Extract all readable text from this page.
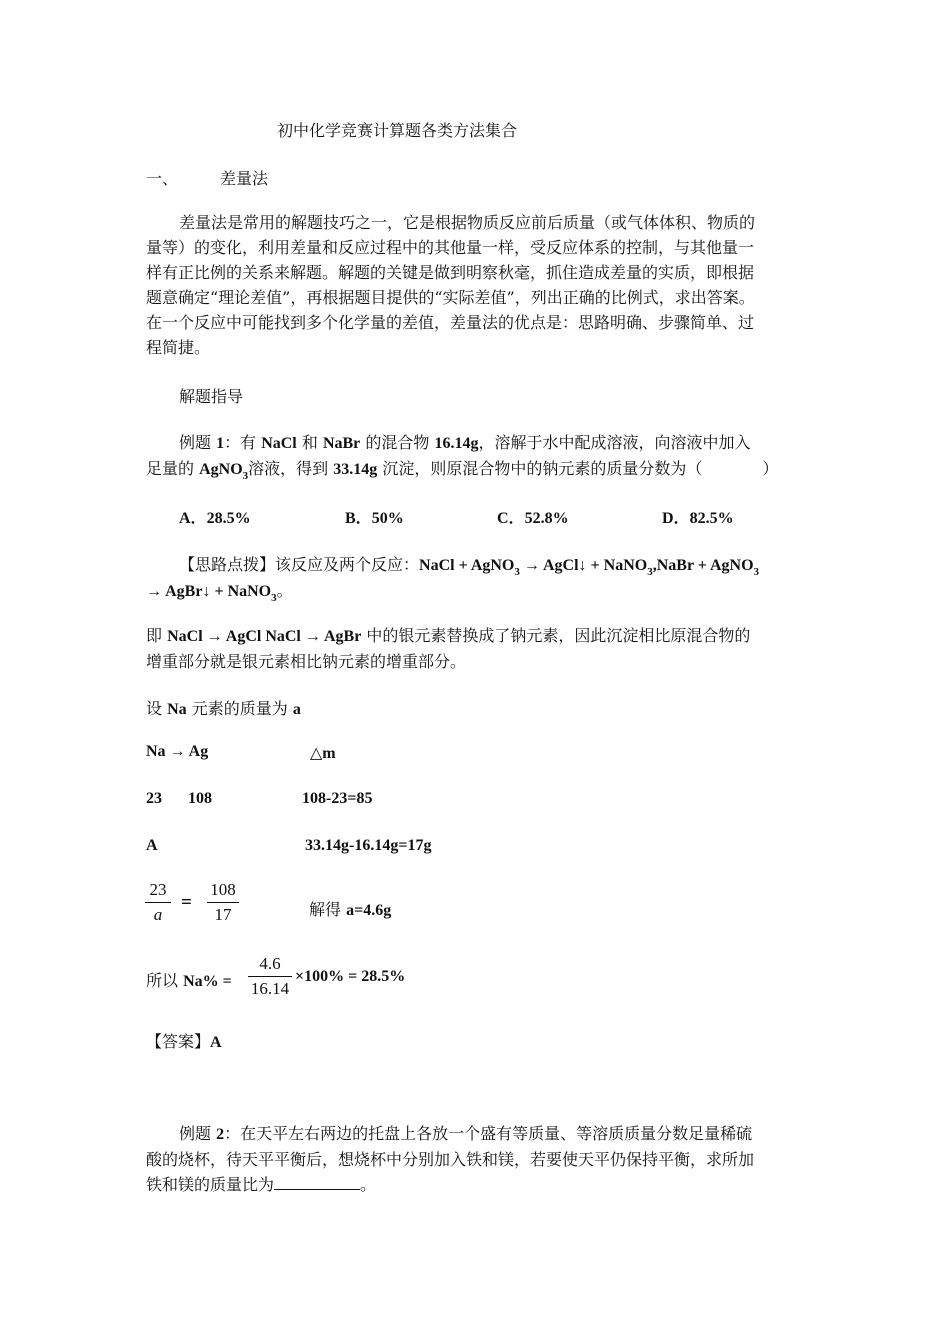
初中化学竞赛计算题各类方法集合
一、	差量法
差量法是常用的解题技巧之一，它是根据物质反应前后质量（或气体体积、物质的
量等）的变化，利用差量和反应过程中的其他量一样，受反应体系的控制，与其他量一
样有正比例的关系来解题。解题的关键是做到明察秋毫，抓住造成差量的实质，即根据
题意确定“理论差值”，再根据题目提供的“实际差值”，列出正确的比例式，求出答案。
在一个反应中可能找到多个化学量的差值，差量法的优点是：思路明确、步骤简单、过
程简捷。
解题指导
例题 1：有 NaCl 和 NaBr 的混合物 16.14g，溶解于水中配成溶液，向溶液中加入
足量的 AgNO$_3$溶液，得到 33.14g 沉淀，则原混合物中的钠元素的质量分数为（	）
A．28.5%	B．50%	C．52.8%	D．82.5%
【思路点拨】该反应及两个反应：NaCl + AgNO$_3$ → AgCl↓ + NaNO$_3$,NaBr + AgNO$_3$
→ AgBr↓ + NaNO$_3$。
即 NaCl → AgCl NaCl → AgBr 中的银元素替换成了钠元素，因此沉淀相比原混合物的
增重部分就是银元素相比钠元素的增重部分。
设 Na 元素的质量为 a
Na → Ag	△m
23 108	108-23=85
A	33.14g-16.14g=17g
23
a
=
108
17	解得 a=4.6g
所以 Na% =
4.6
16.14
×100% = 28.5%
【答案】A
例题 2：在天平左右两边的托盘上各放一个盛有等质量、等溶质质量分数足量稀硫
酸的烧杯，待天平平衡后，想烧杯中分别加入铁和镁，若要使天平仍保持平衡，求所加
铁和镁的质量比为	。
